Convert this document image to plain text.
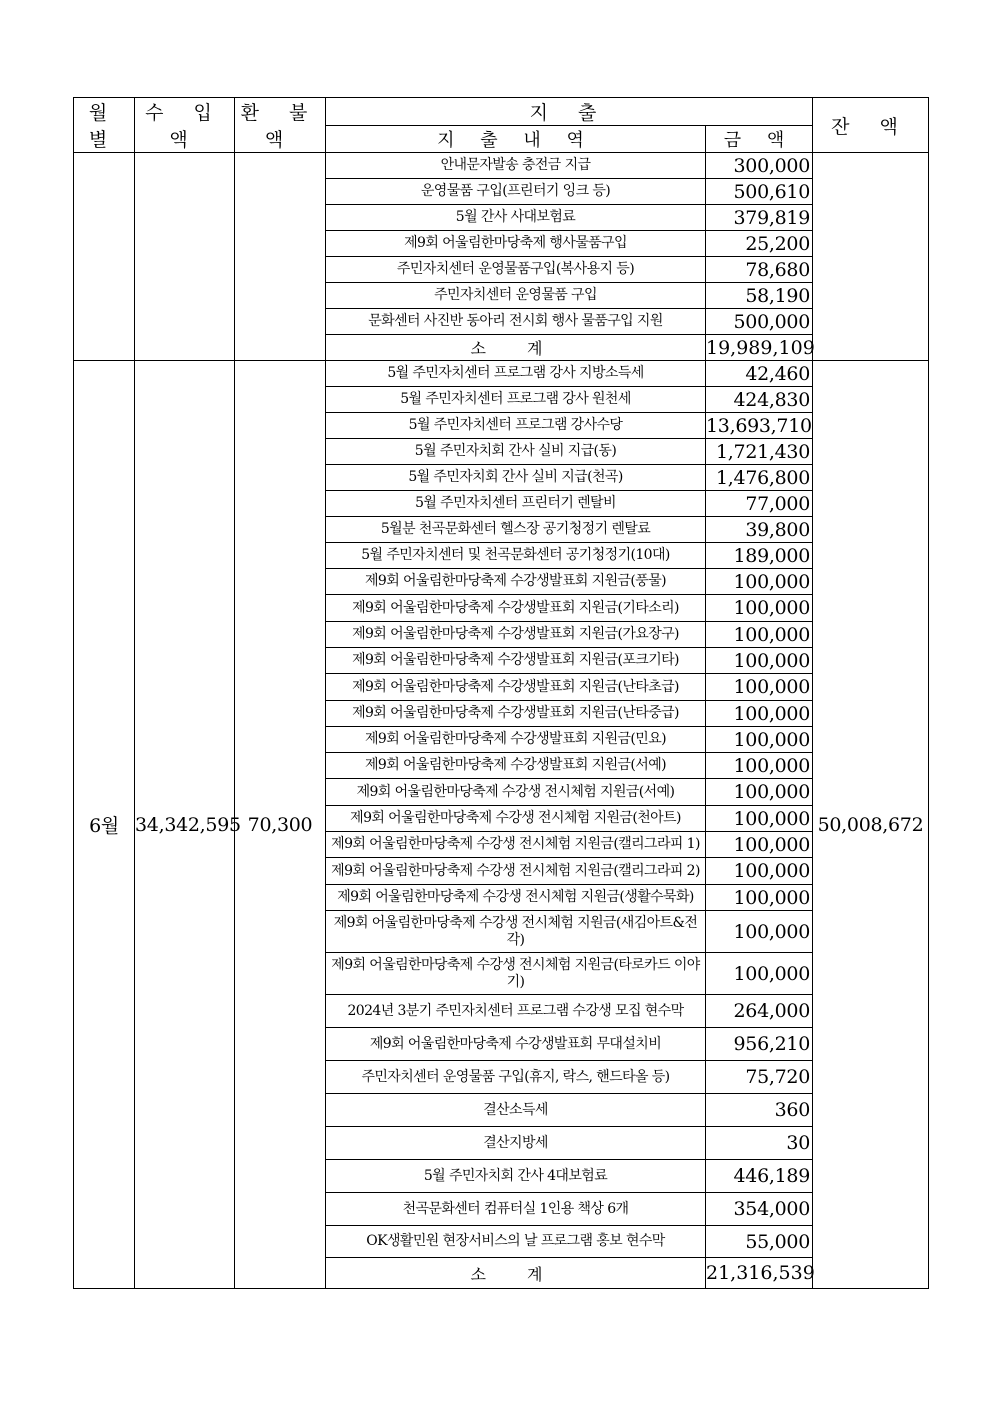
월 별	수 입 액	환 불 액	지 출		잔 액
			지 출 내 역	금 액	
			안내문자발송 충전금 지급	300,000	
			운영물품 구입(프린터기 잉크 등)	500,610	
			5월 간사 사대보험료	379,819	
			제9회 어울림한마당축제 행사물품구입	25,200	
			주민자치센터 운영물품구입(복사용지 등)	78,680	
			주민자치센터 운영물품 구입	58,190	
			문화센터 사진반 동아리 전시회 행사 물품구입 지원	500,000	
			소 계	19,989,109	
6월	34,342,595	70,300	5월 주민자치센터 프로그램 강사 지방소득세	42,460	50,008,672
			5월 주민자치센터 프로그램 강사 원천세	424,830	
			5월 주민자치센터 프로그램 강사수당	13,693,710	
			5월 주민자치회 간사 실비 지급(동)	1,721,430	
			5월 주민자치회 간사 실비 지급(천곡)	1,476,800	
			5월 주민자치센터 프린터기 렌탈비	77,000	
			5월분 천곡문화센터 헬스장 공기청정기 렌탈료	39,800	
			5월 주민자치센터 및 천곡문화센터 공기청정기(10대)	189,000	
			제9회 어울림한마당축제 수강생발표회 지원금(풍물)	100,000	
			제9회 어울림한마당축제 수강생발표회 지원금(기타소리)	100,000	
			제9회 어울림한마당축제 수강생발표회 지원금(가요장구)	100,000	
			제9회 어울림한마당축제 수강생발표회 지원금(포크기타)	100,000	
			제9회 어울림한마당축제 수강생발표회 지원금(난타초급)	100,000	
			제9회 어울림한마당축제 수강생발표회 지원금(난타중급)	100,000	
			제9회 어울림한마당축제 수강생발표회 지원금(민요)	100,000	
			제9회 어울림한마당축제 수강생발표회 지원금(서예)	100,000	
			제9회 어울림한마당축제 수강생 전시체험 지원금(서예)	100,000	
			제9회 어울림한마당축제 수강생 전시체험 지원금(천아트)	100,000	
			제9회 어울림한마당축제 수강생 전시체험 지원금(캘리그라피 1)	100,000	
			제9회 어울림한마당축제 수강생 전시체험 지원금(캘리그라피 2)	100,000	
			제9회 어울림한마당축제 수강생 전시체험 지원금(생활수묵화)	100,000	
			제9회 어울림한마당축제 수강생 전시체험 지원금(새김아트&전각)	100,000	
			제9회 어울림한마당축제 수강생 전시체험 지원금(타로카드 이야기)	100,000	
			2024년 3분기 주민자치센터 프로그램 수강생 모집 현수막	264,000	
			제9회 어울림한마당축제 수강생발표회 무대설치비	956,210	
			주민자치센터 운영물품 구입(휴지, 락스, 핸드타올 등)	75,720	
			결산소득세	360	
			결산지방세	30	
			5월 주민자치회 간사 4대보험료	446,189	
			천곡문화센터 컴퓨터실 1인용 책상 6개	354,000	
			OK생활민원 현장서비스의 날 프로그램 홍보 현수막	55,000	
			소 계	21,316,539	
